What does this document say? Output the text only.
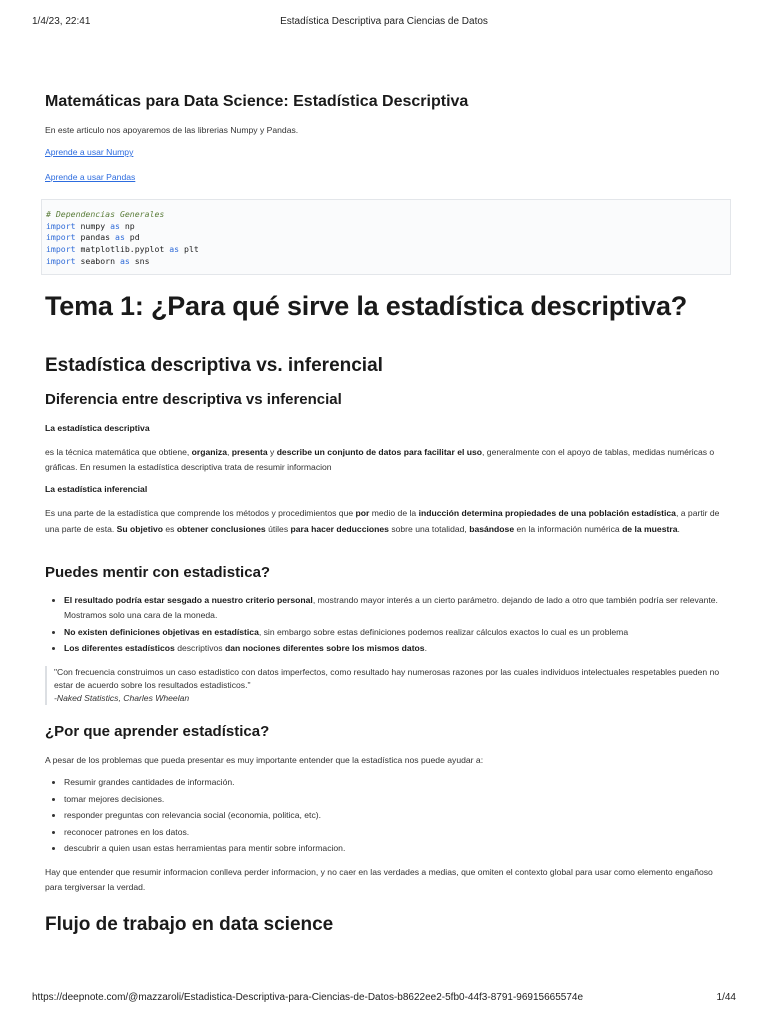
1/4/23, 22:41	Estadística Descriptiva para Ciencias de Datos
Matemáticas para Data Science: Estadística Descriptiva

En este articulo nos apoyaremos de las librerias Numpy y Pandas.

Aprende a usar Numpy
Aprende a usar Pandas
# Dependencias Generales
import numpy as np
import pandas as pd
import matplotlib.pyplot as plt
import seaborn as sns
Tema 1: ¿Para qué sirve la estadística descriptiva?
Estadística descriptiva vs. inferencial
Diferencia entre descriptiva vs inferencial
La estadística descriptiva

es la técnica matemática que obtiene, organiza, presenta y describe un conjunto de datos para facilitar el uso, generalmente con el apoyo de tablas, medidas numéricas o gráficas. En resumen la estadística descriptiva trata de resumir informacion

La estadística inferencial

Es una parte de la estadística que comprende los métodos y procedimientos que por medio de la inducción determina propiedades de una población estadística, a partir de una parte de esta. Su objetivo es obtener conclusiones útiles para hacer deducciones sobre una totalidad, basándose en la información numérica de la muestra.

Puedes mentir con estadistica?
• El resultado podría estar sesgado a nuestro criterio personal, mostrando mayor interés a un cierto parámetro. dejando de lado a otro que también podría ser relevante. Mostramos solo una cara de la moneda.
• No existen definiciones objetivas en estadística, sin embargo sobre estas definiciones podemos realizar cálculos exactos lo cual es un problema
• Los diferentes estadísticos descriptivos dan nociones diferentes sobre los mismos datos.
"Con frecuencia construimos un caso estadistico con datos imperfectos, como resultado hay numerosas razones por las cuales individuos intelectuales respetables pueden no estar de acuerdo sobre los resultados estadisticos."
-Naked Statistics, Charles Wheelan
¿Por que aprender estadística?

A pesar de los problemas que pueda presentar es muy importante entender que la estadística nos puede ayudar a:

• Resumir grandes cantidades de información.
• tomar mejores decisiones.
• responder preguntas con relevancia social (economia, politica, etc).
• reconocer patrones en los datos.
• descubrir a quien usan estas herramientas para mentir sobre informacion.

Hay que entender que resumir informacion conlleva perder informacion, y no caer en las verdades a medias, que omiten el contexto global para usar como elemento engañoso para tergiversar la verdad.

Flujo de trabajo en data science
https://deepnote.com/@mazzaroli/Estadistica-Descriptiva-para-Ciencias-de-Datos-b8622ee2-5fb0-44f3-8791-96915665574e	1/44
